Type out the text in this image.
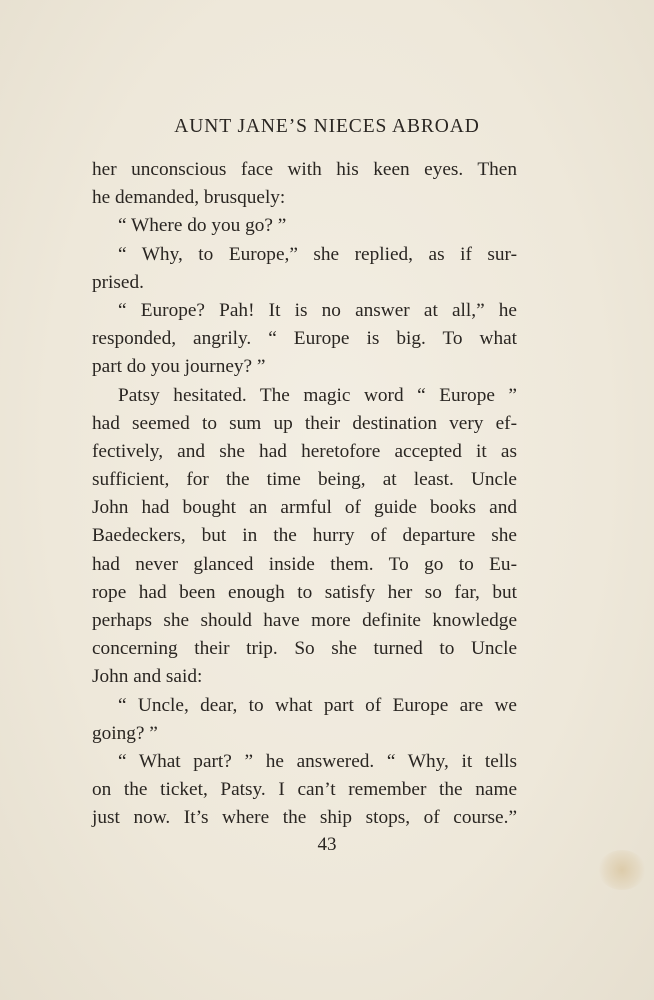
AUNT JANE’S NIECES ABROAD
her unconscious face with his keen eyes. Then
he demanded, brusquely:
“ Where do you go? ”
“ Why, to Europe,” she replied, as if sur-
prised.
“ Europe? Pah! It is no answer at all,” he
responded, angrily. “ Europe is big. To what
part do you journey? ”
Patsy hesitated. The magic word “ Europe ”
had seemed to sum up their destination very ef-
fectively, and she had heretofore accepted it as
sufficient, for the time being, at least. Uncle
John had bought an armful of guide books and
Baedeckers, but in the hurry of departure she
had never glanced inside them. To go to Eu-
rope had been enough to satisfy her so far, but
perhaps she should have more definite knowledge
concerning their trip. So she turned to Uncle
John and said:
“ Uncle, dear, to what part of Europe are we
going? ”
“ What part? ” he answered. “ Why, it tells
on the ticket, Patsy. I can’t remember the name
just now. It’s where the ship stops, of course.”
43
